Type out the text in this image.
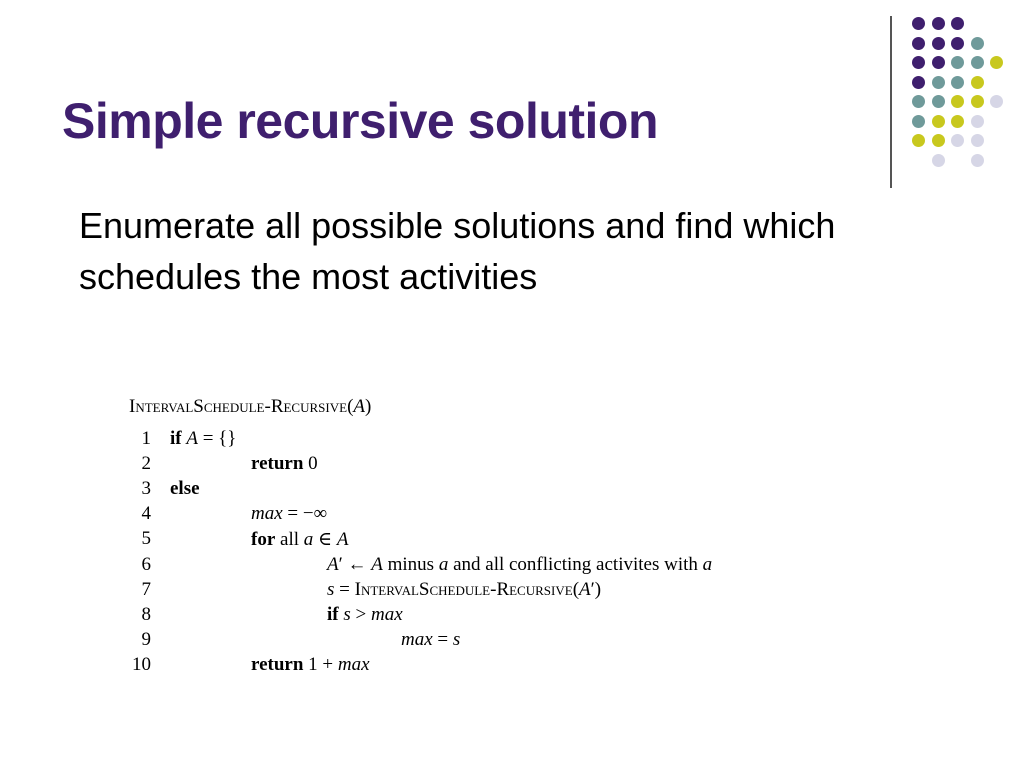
Simple recursive solution
Enumerate all possible solutions and find which schedules the most activities
IntervalSchedule-Recursive(A)
1 if A = {}
2	return 0
3 else
4	max = −∞
5	for all a ∈ A
6	A′ ← A minus a and all conflicting activites with a
7	s = IntervalSchedule-Recursive(A′)
8	if s > max
9	max = s
10	return 1 + max
